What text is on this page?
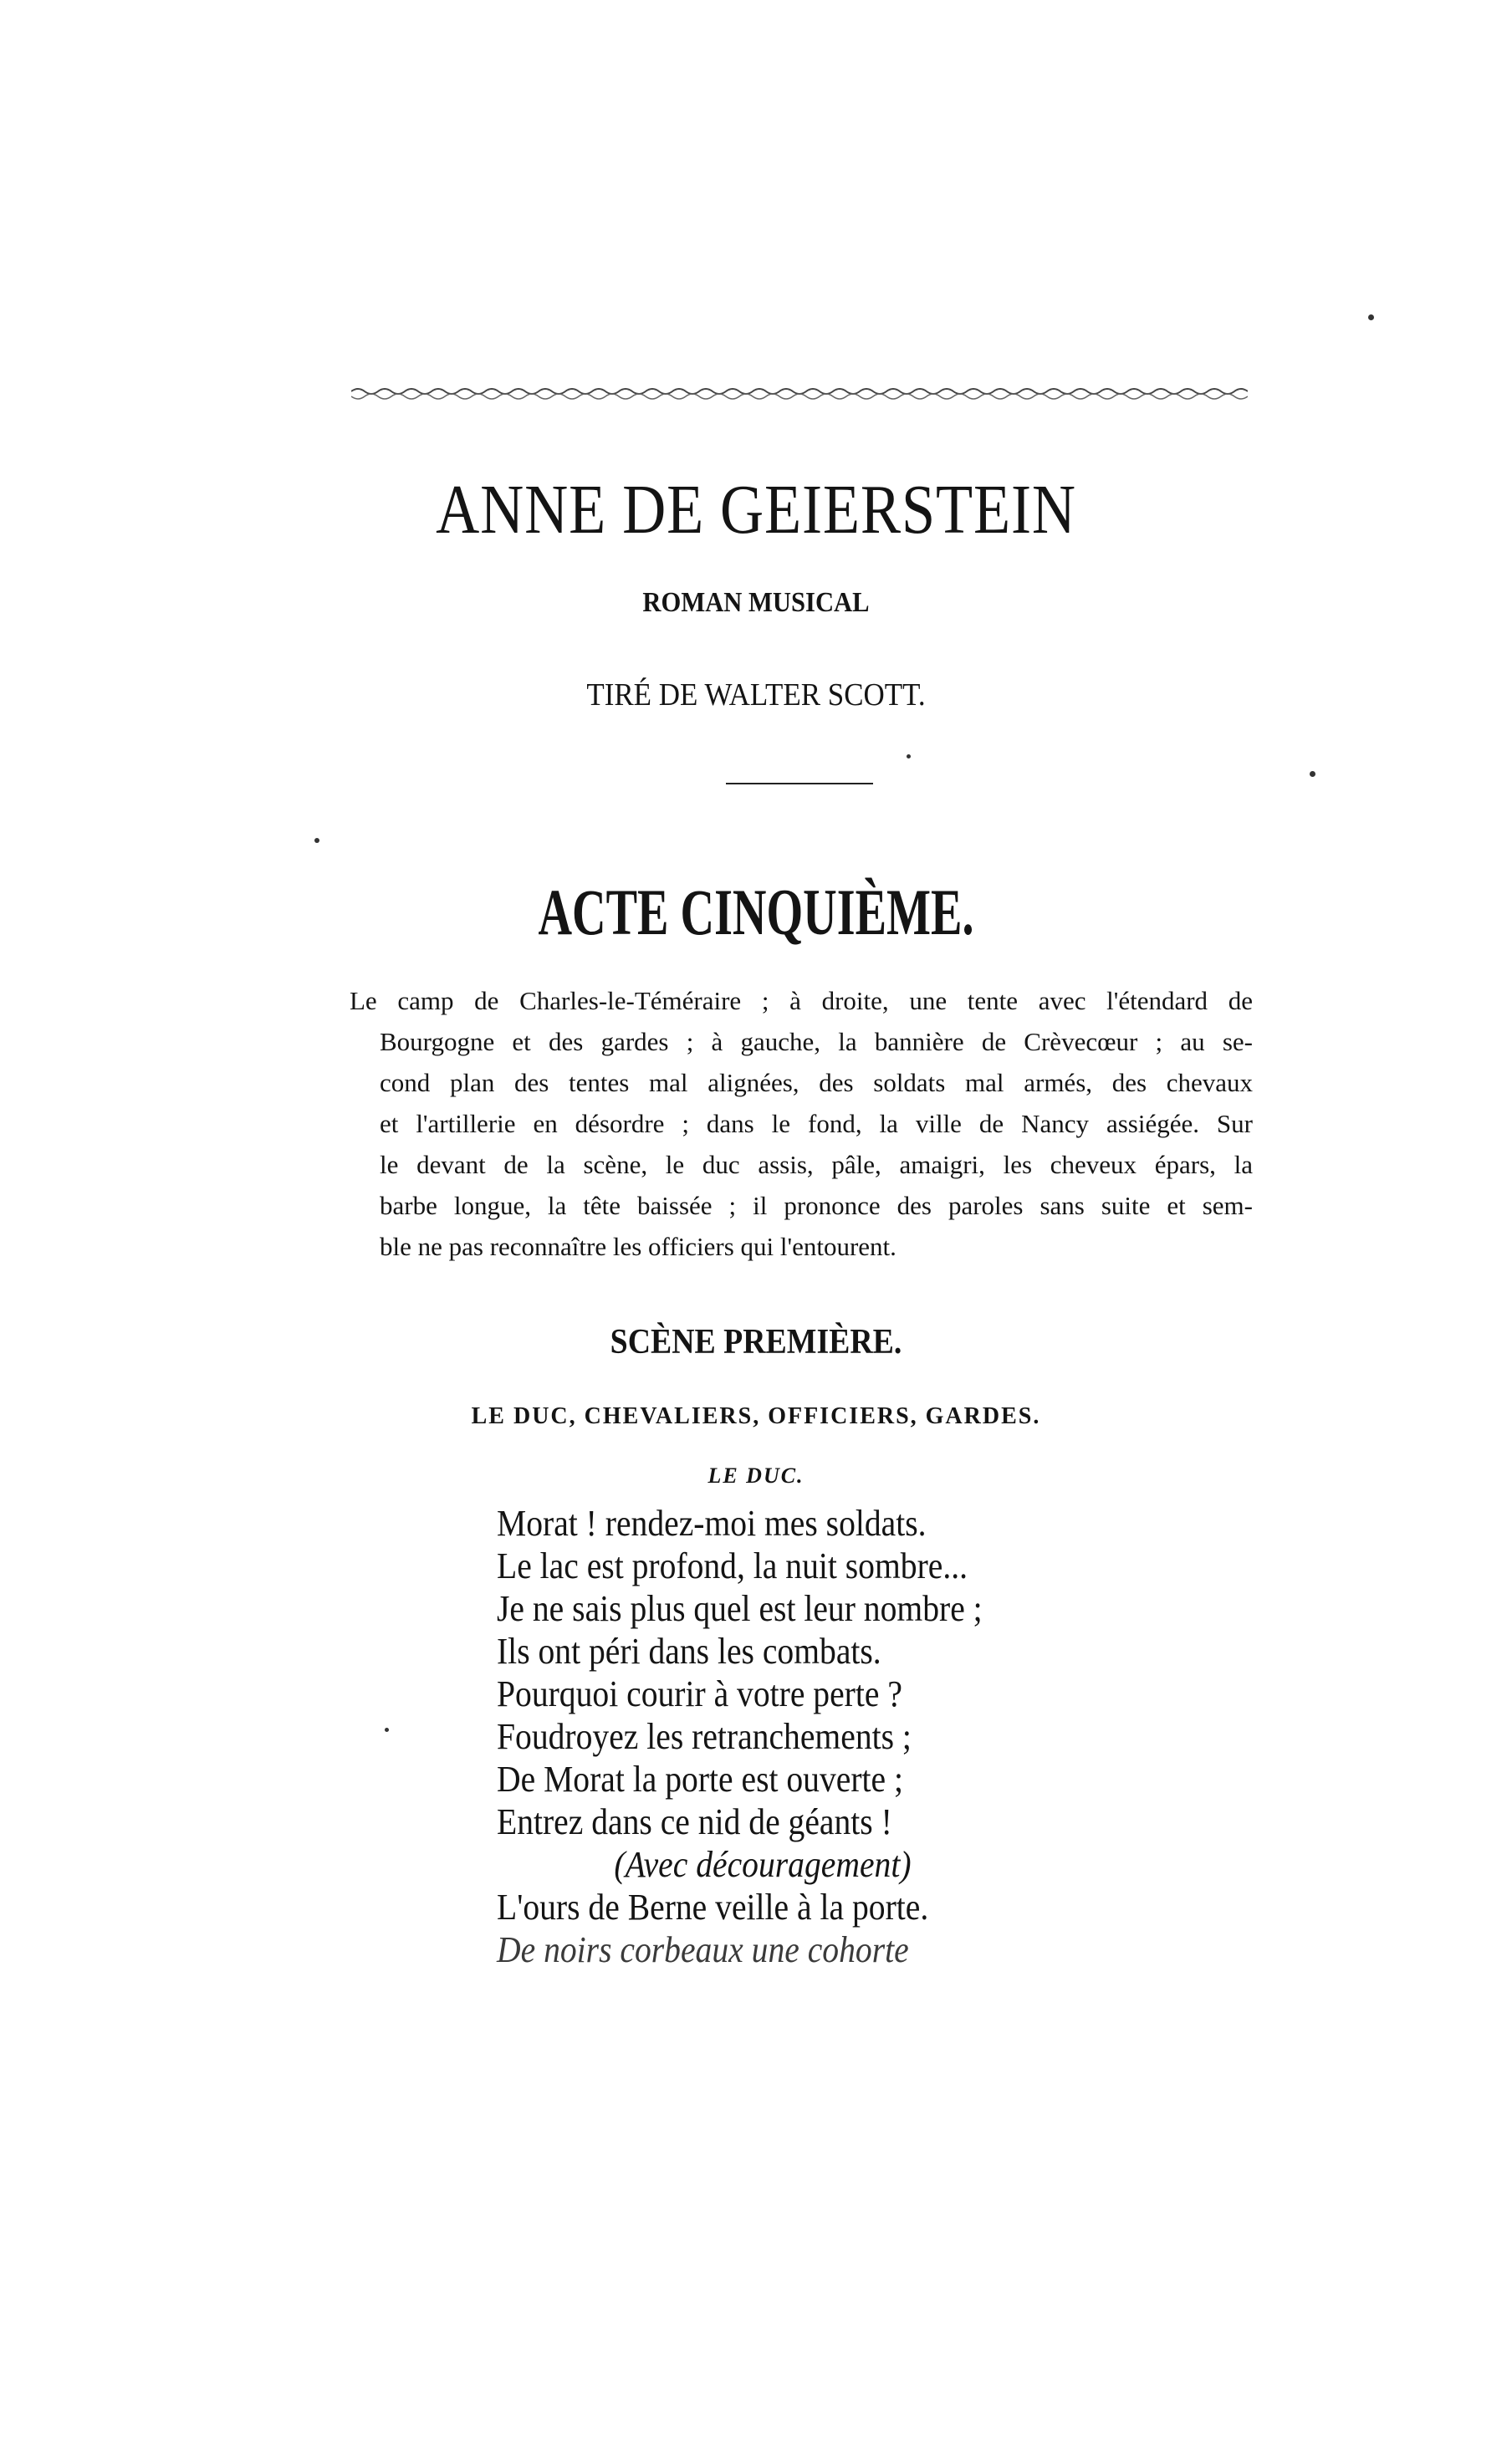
ANNE DE GEIERSTEIN

ROMAN MUSICAL

TIRÉ DE WALTER SCOTT.

ACTE CINQUIÈME.
Le camp de Charles-le-Téméraire ; à droite, une tente avec l'étendard de
Bourgogne et des gardes ; à gauche, la bannière de Crèvecœur ; au se-
cond plan des tentes mal alignées, des soldats mal armés, des chevaux
et l'artillerie en désordre ; dans le fond, la ville de Nancy assiégée. Sur
le devant de la scène, le duc assis, pâle, amaigri, les cheveux épars, la
barbe longue, la tête baissée ; il prononce des paroles sans suite et sem-
ble ne pas reconnaître les officiers qui l'entourent.
SCÈNE PREMIÈRE.

LE DUC, CHEVALIERS, OFFICIERS, GARDES.

LE DUC.

Morat ! rendez-moi mes soldats.
Le lac est profond, la nuit sombre...
Je ne sais plus quel est leur nombre ;
Ils ont péri dans les combats.
Pourquoi courir à votre perte ?
Foudroyez les retranchements ;
De Morat la porte est ouverte ;
Entrez dans ce nid de géants !
(Avec découragement)
L'ours de Berne veille à la porte.
De noirs corbeaux une cohorte
